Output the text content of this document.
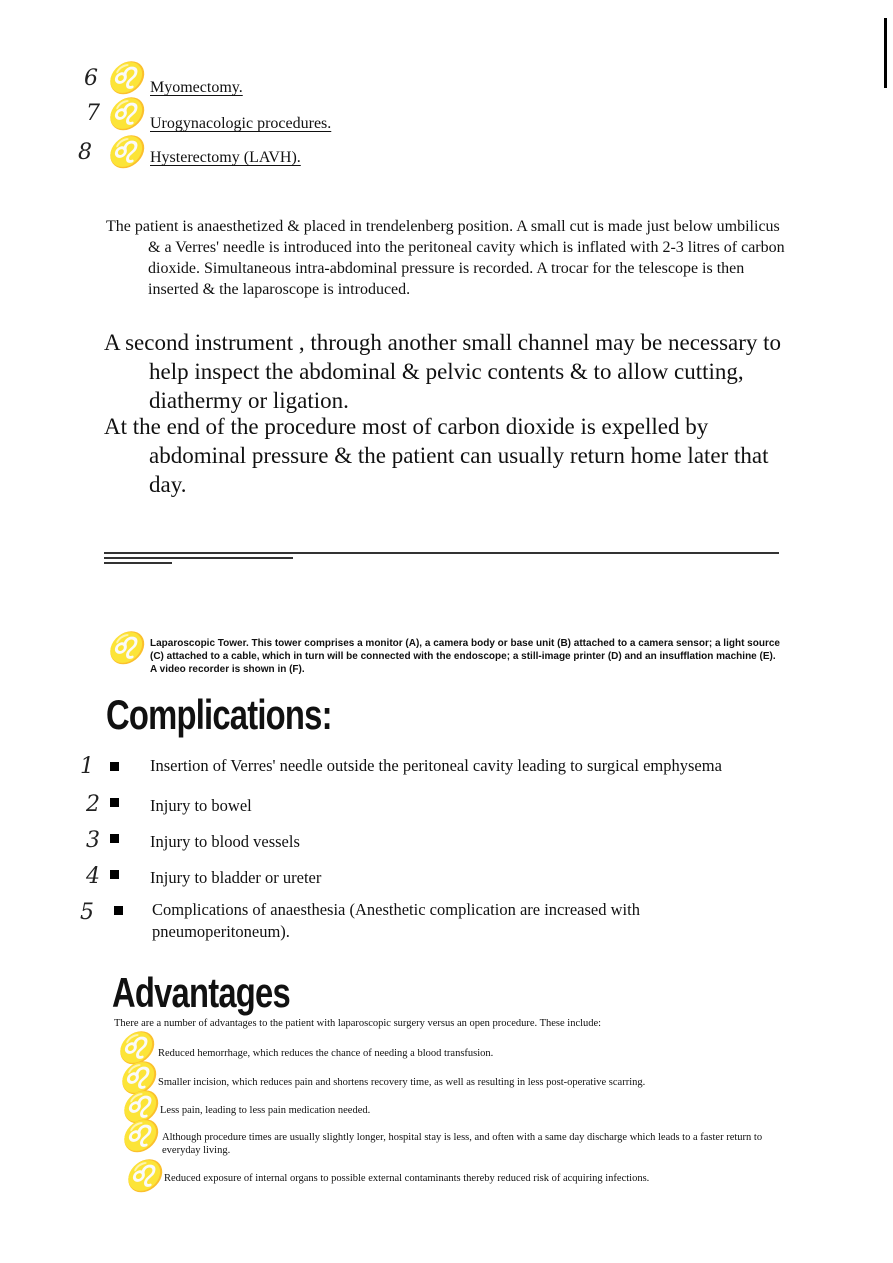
6 ♌ Myomectomy.
7 ♌ Urogynacologic procedures.
8 ♌ Hysterectomy (LAVH).
The patient is anaesthetized & placed in trendelenberg position. A small cut is made just below umbilicus & a Verres' needle is introduced into the peritoneal cavity which is inflated with 2-3 litres of carbon dioxide. Simultaneous intra-abdominal pressure is recorded. A trocar for the telescope is then inserted & the laparoscope is introduced.
A second instrument , through another small channel may be necessary to help inspect the abdominal & pelvic contents & to allow cutting, diathermy or ligation.
At the end of the procedure most of carbon dioxide is expelled by abdominal pressure & the patient can usually return home later that day.
♌ Laparoscopic Tower. This tower comprises a monitor (A), a camera body or base unit (B) attached to a camera sensor; a light source (C) attached to a cable, which in turn will be connected with the endoscope; a still-image printer (D) and an insufflation machine (E). A video recorder is shown in (F).
Complications:
1	Insertion of Verres' needle outside the peritoneal cavity leading to surgical emphysema
2	Injury to bowel
3	Injury to blood vessels
4	Injury to bladder or ureter
5	Complications of anaesthesia (Anesthetic complication are increased with pneumoperitoneum).
Advantages
There are a number of advantages to the patient with laparoscopic surgery versus an open procedure. These include:
♌ Reduced hemorrhage, which reduces the chance of needing a blood transfusion.
♌ Smaller incision, which reduces pain and shortens recovery time, as well as resulting in less post-operative scarring.
♌ Less pain, leading to less pain medication needed.
♌ Although procedure times are usually slightly longer, hospital stay is less, and often with a same day discharge which leads to a faster return to everyday living.
♌ Reduced exposure of internal organs to possible external contaminants thereby reduced risk of acquiring infections.
